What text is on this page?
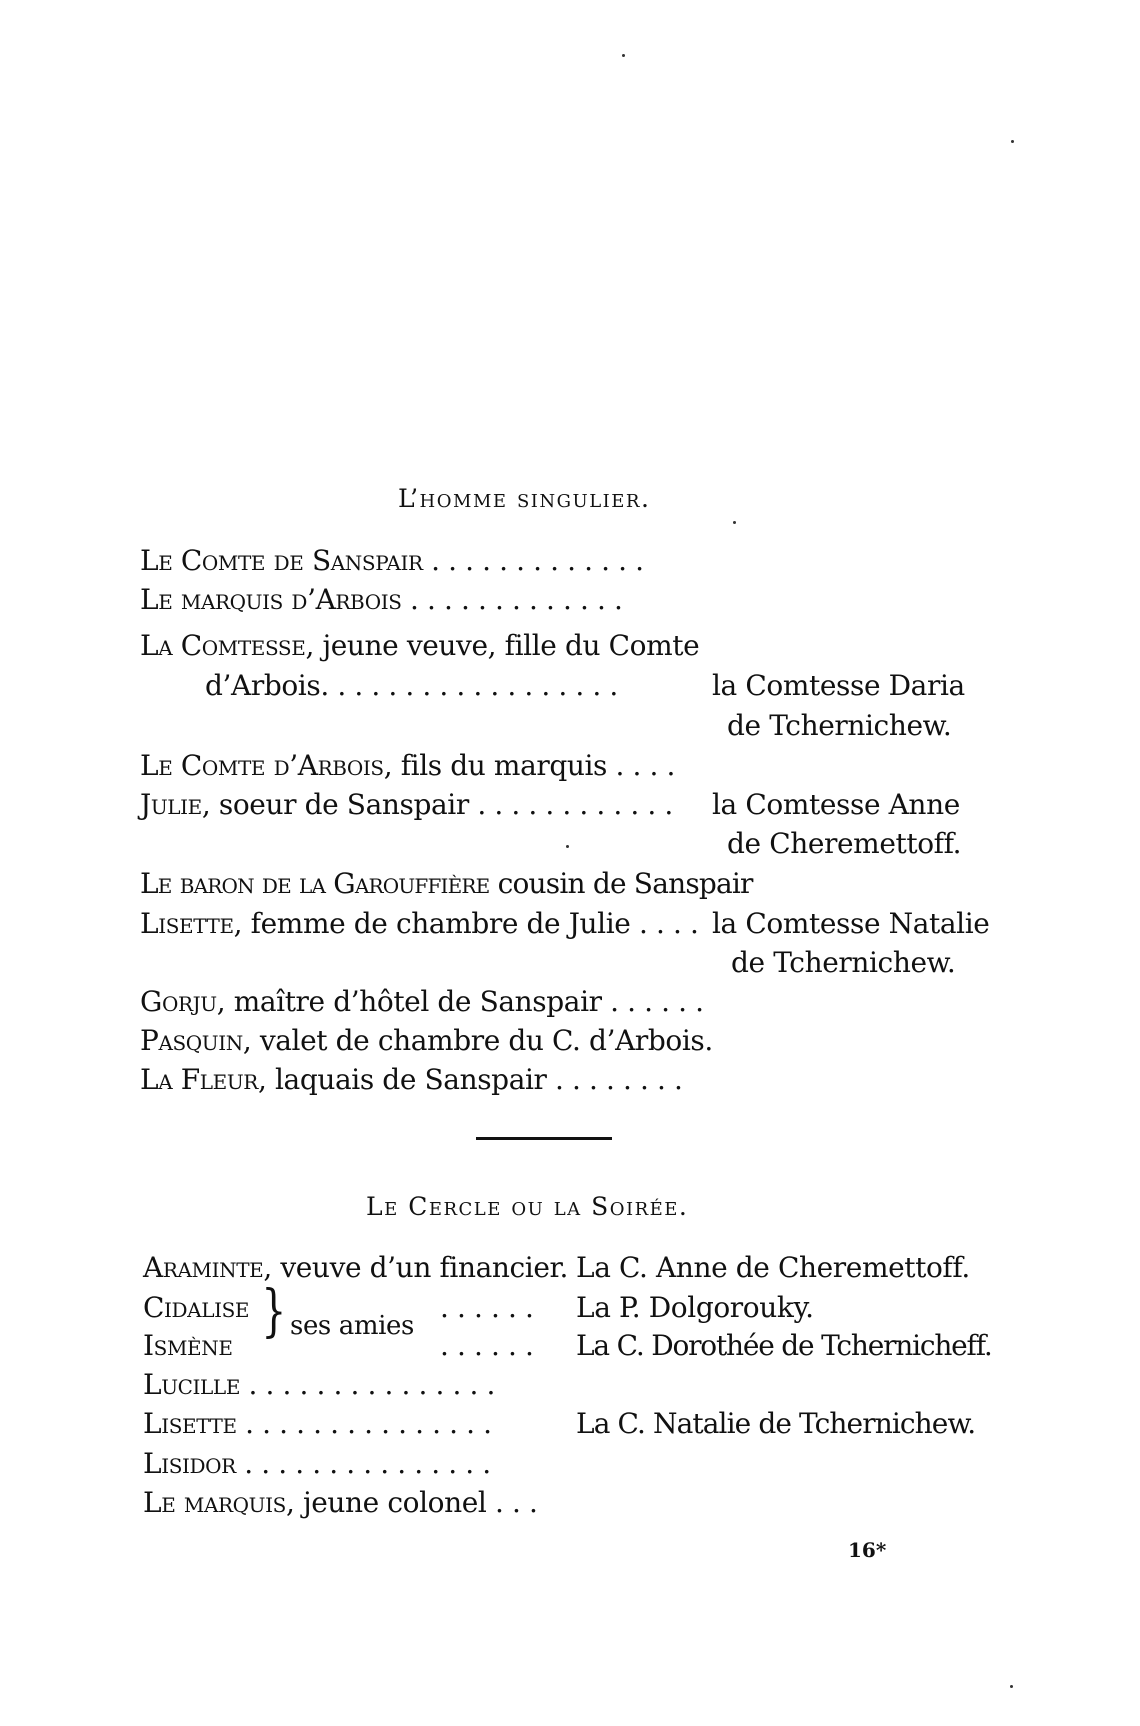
L’homme singulier.
Le Comte de Sanspair . . . . . . . . . . . . .
Le marquis d’Arbois . . . . . . . . . . . . .
La Comtesse, jeune veuve, fille du Comte
d’Arbois. . . . . . . . . . . . . . . . . .	la Comtesse Daria
de Tchernichew.
Le Comte d’Arbois, fils du marquis . . . .
Julie, soeur de Sanspair . . . . . . . . . . . . la Comtesse Anne
de Cheremettoff.
Le baron de la Garouffière cousin de Sanspair
Lisette, femme de chambre de Julie . . . . la Comtesse Natalie
de Tchernichew.
Gorju, maître d’hôtel de Sanspair . . . . . .
Pasquin, valet de chambre du C. d’Arbois.
La Fleur, laquais de Sanspair . . . . . . . .
Le Cercle ou la Soirée.
Araminte, veuve d’un financier. La C. Anne de Cheremettoff.
Cidalise
Ismène
} ses amies
. . . . . .
. . . . . .
La P. Dolgorouky.
La C. Dorothée de Tchernicheff.
Lucille . . . . . . . . . . . . . . .
Lisette . . . . . . . . . . . . . . .	La C. Natalie de Tchernichew.
Lisidor . . . . . . . . . . . . . . .
Le marquis, jeune colonel . . .
16*
